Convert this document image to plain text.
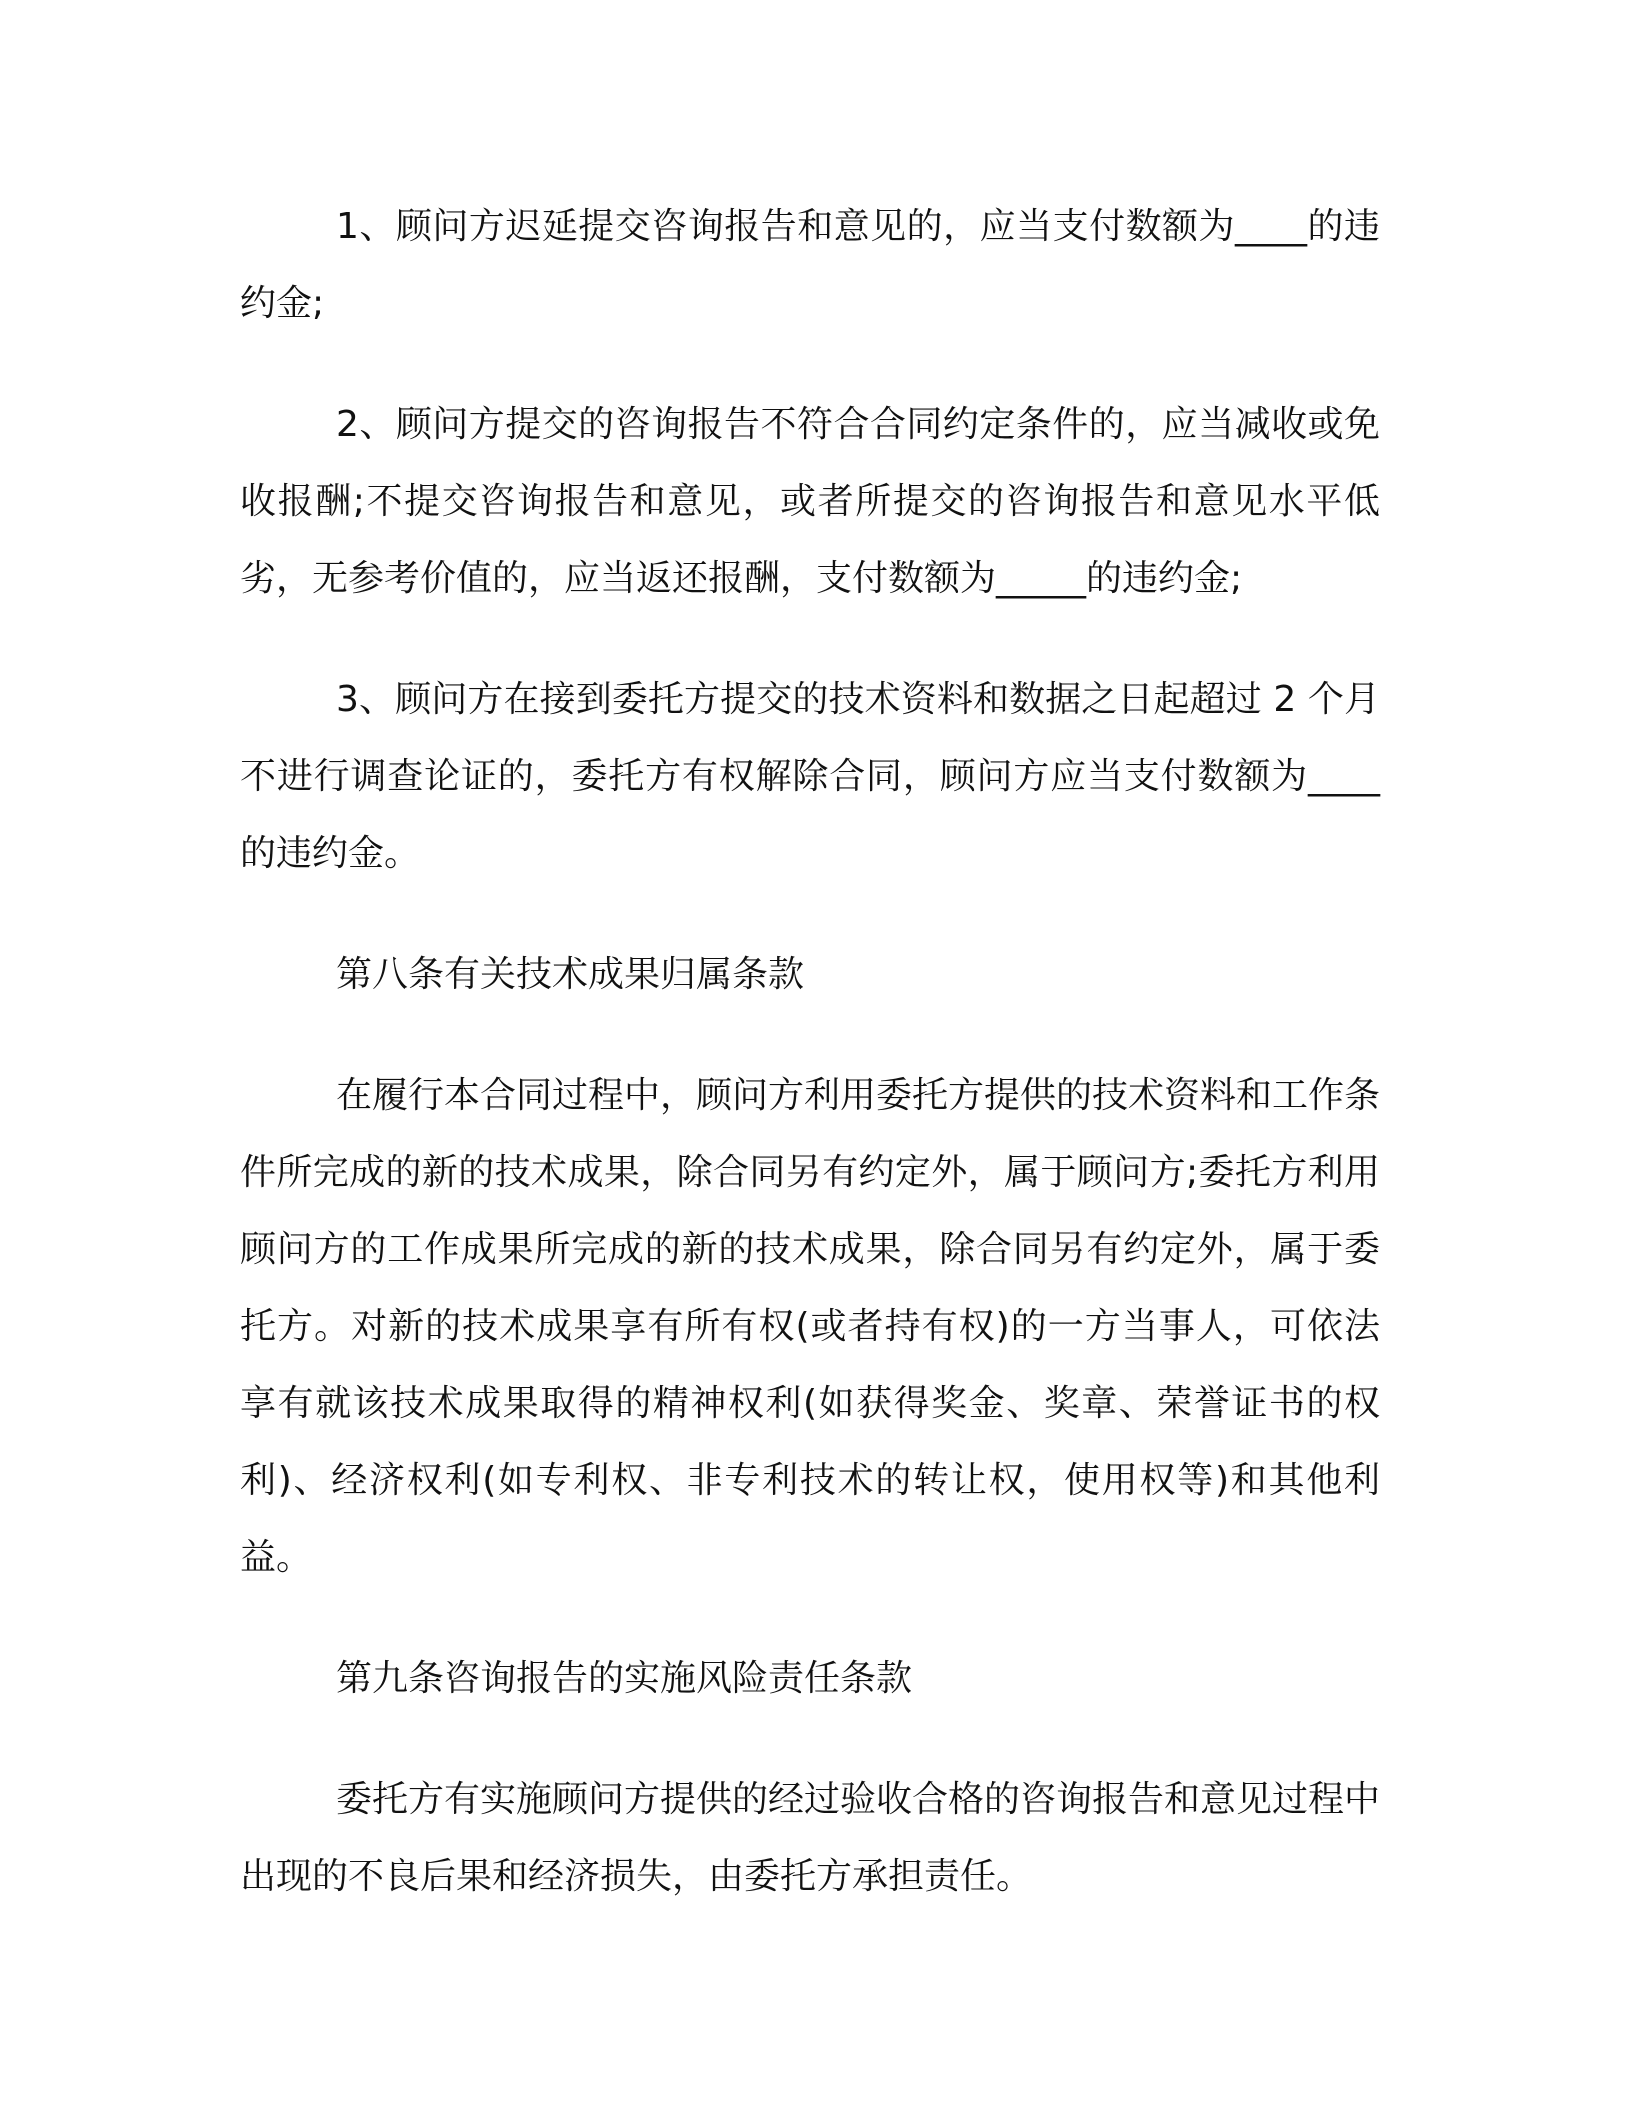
1、顾问方迟延提交咨询报告和意见的，应当支付数额为____的违约金;

2、顾问方提交的咨询报告不符合合同约定条件的，应当减收或免收报酬;不提交咨询报告和意见，或者所提交的咨询报告和意见水平低劣，无参考价值的，应当返还报酬，支付数额为_____的违约金;

3、顾问方在接到委托方提交的技术资料和数据之日起超过 2 个月不进行调查论证的，委托方有权解除合同，顾问方应当支付数额为____的违约金。

第八条有关技术成果归属条款

在履行本合同过程中，顾问方利用委托方提供的技术资料和工作条件所完成的新的技术成果，除合同另有约定外，属于顾问方;委托方利用顾问方的工作成果所完成的新的技术成果，除合同另有约定外，属于委托方。对新的技术成果享有所有权(或者持有权)的一方当事人，可依法享有就该技术成果取得的精神权利(如获得奖金、奖章、荣誉证书的权利)、经济权利(如专利权、非专利技术的转让权，使用权等)和其他利益。

第九条咨询报告的实施风险责任条款

委托方有实施顾问方提供的经过验收合格的咨询报告和意见过程中出现的不良后果和经济损失，由委托方承担责任。
